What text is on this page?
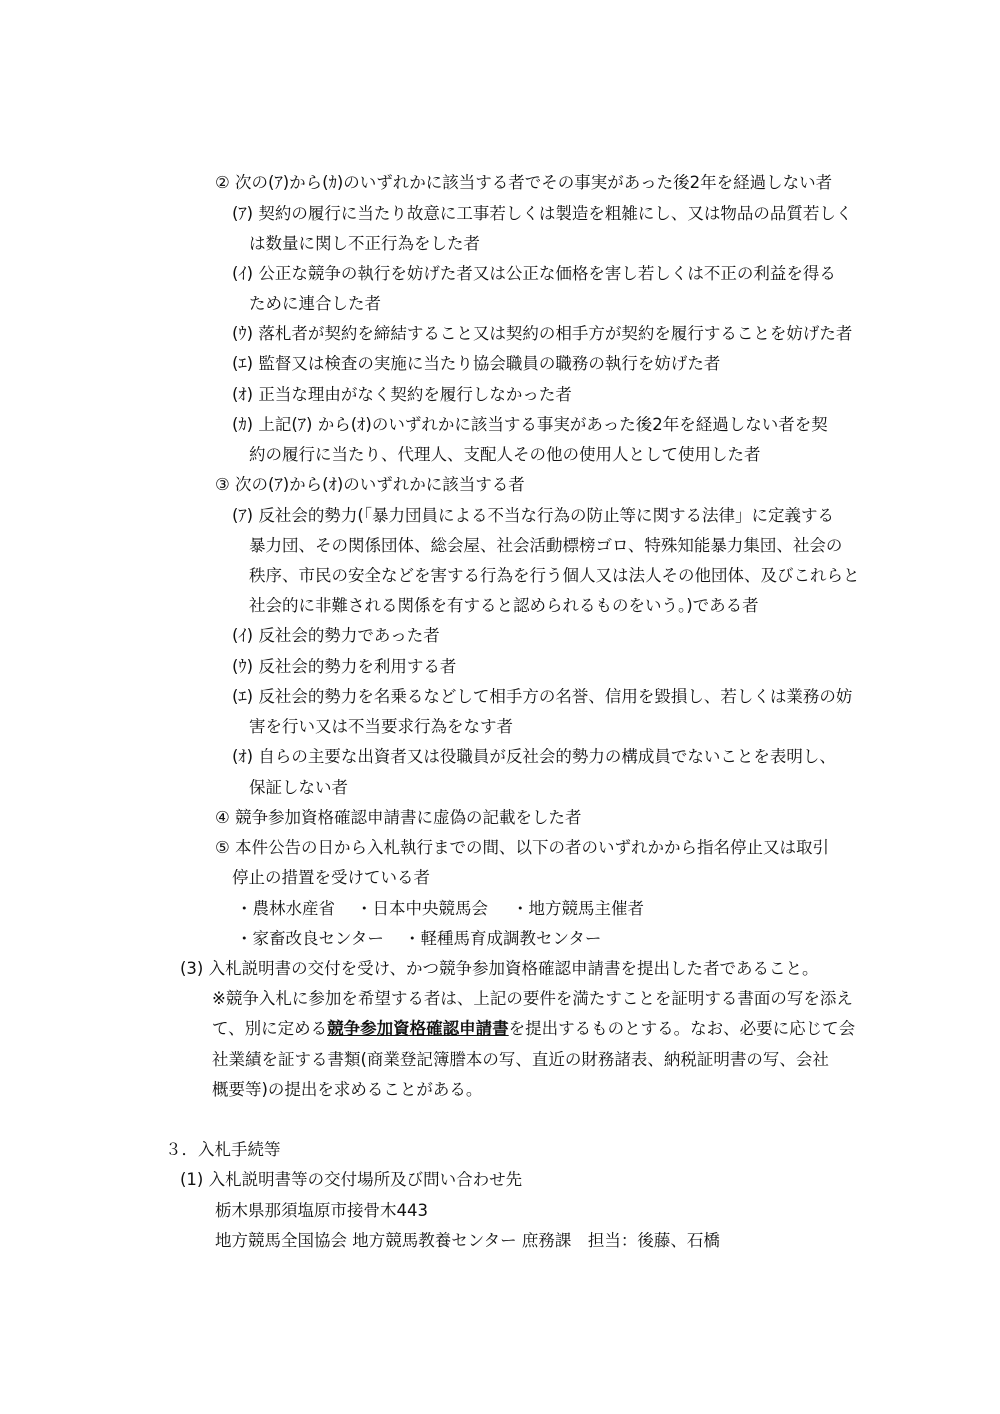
② 次の(ｱ)から(ｶ)のいずれかに該当する者でその事実があった後2年を経過しない者
(ｱ) 契約の履行に当たり故意に工事若しくは製造を粗雑にし、又は物品の品質若しく
は数量に関し不正行為をした者
(ｲ) 公正な競争の執行を妨げた者又は公正な価格を害し若しくは不正の利益を得る
ために連合した者
(ｳ) 落札者が契約を締結すること又は契約の相手方が契約を履行することを妨げた者
(ｴ) 監督又は検査の実施に当たり協会職員の職務の執行を妨げた者
(ｵ) 正当な理由がなく契約を履行しなかった者
(ｶ) 上記(ｱ) から(ｵ)のいずれかに該当する事実があった後2年を経過しない者を契
約の履行に当たり、代理人、支配人その他の使用人として使用した者
③ 次の(ｱ)から(ｵ)のいずれかに該当する者
(ｱ) 反社会的勢力(「暴力団員による不当な行為の防止等に関する法律」に定義する
暴力団、その関係団体、総会屋、社会活動標榜ゴロ、特殊知能暴力集団、社会の
秩序、市民の安全などを害する行為を行う個人又は法人その他団体、及びこれらと
社会的に非難される関係を有すると認められるものをいう。)である者
(ｲ) 反社会的勢力であった者
(ｳ) 反社会的勢力を利用する者
(ｴ) 反社会的勢力を名乗るなどして相手方の名誉、信用を毀損し、若しくは業務の妨
害を行い又は不当要求行為をなす者
(ｵ) 自らの主要な出資者又は役職員が反社会的勢力の構成員でないことを表明し、
保証しない者
④ 競争参加資格確認申請書に虚偽の記載をした者
⑤ 本件公告の日から入札執行までの間、以下の者のいずれかから指名停止又は取引
停止の措置を受けている者
・農林水産省 ・日本中央競馬会 ・地方競馬主催者
・家畜改良センター ・軽種馬育成調教センター
(3) 入札説明書の交付を受け、かつ競争参加資格確認申請書を提出した者であること。
※競争入札に参加を希望する者は、上記の要件を満たすことを証明する書面の写を添え
て、別に定める競争参加資格確認申請書を提出するものとする。なお、必要に応じて会
社業績を証する書類(商業登記簿謄本の写、直近の財務諸表、納税証明書の写、会社
概要等)の提出を求めることがある。
３．入札手続等
(1) 入札説明書等の交付場所及び問い合わせ先
栃木県那須塩原市接骨木443
地方競馬全国協会 地方競馬教養センター 庶務課　担当：後藤、石橋
